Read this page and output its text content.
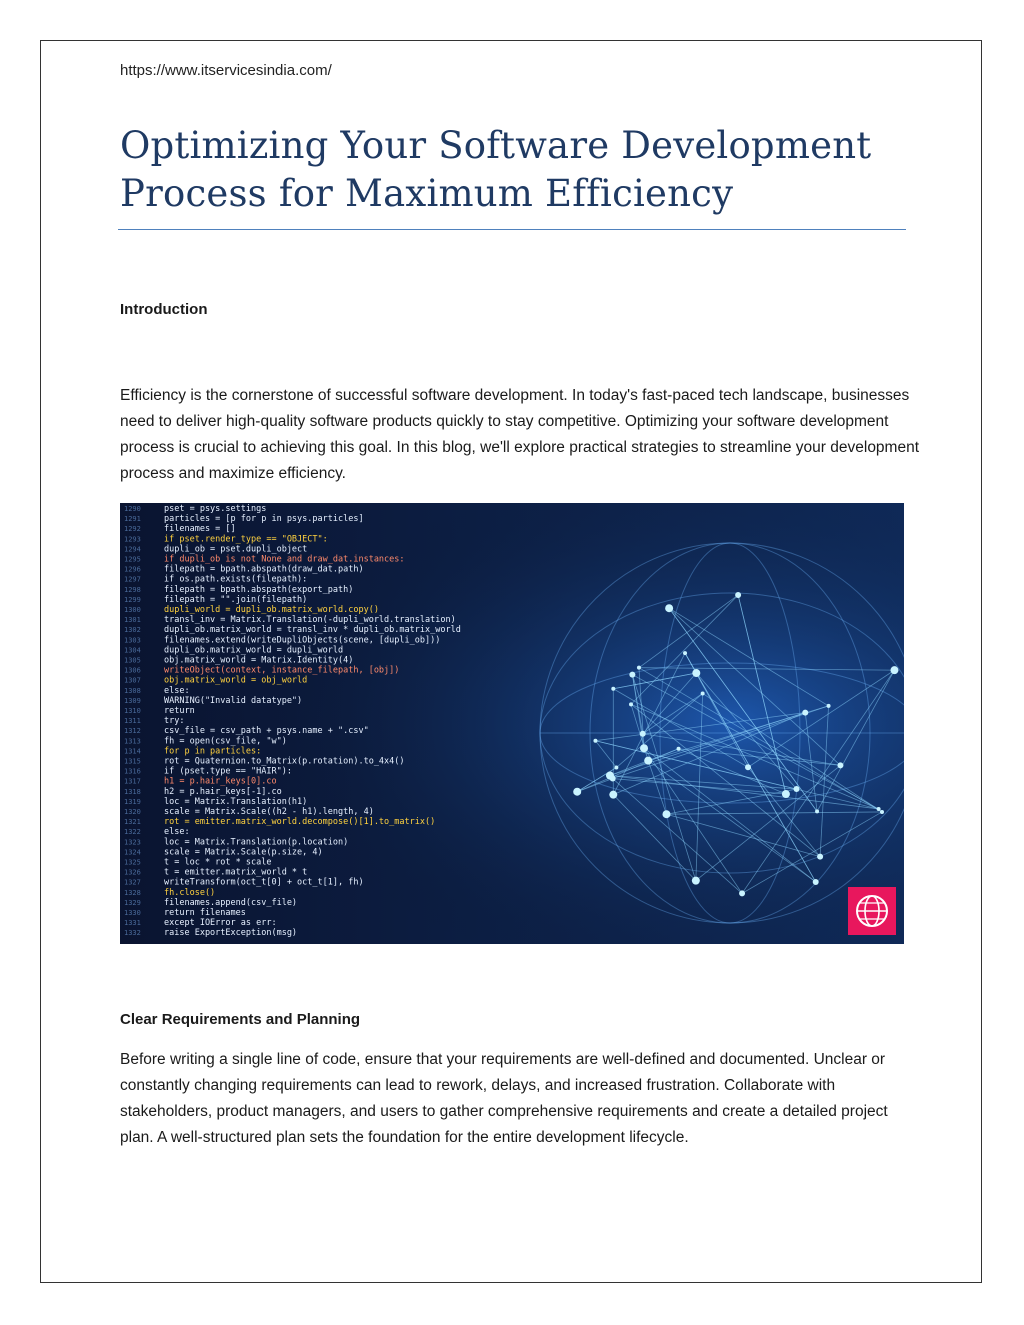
https://www.itservicesindia.com/
Optimizing Your Software Development Process for Maximum Efficiency
Introduction

Efficiency is the cornerstone of successful software development. In today's fast-paced tech landscape, businesses need to deliver high-quality software products quickly to stay competitive. Optimizing your software development process is crucial to achieving this goal. In this blog, we'll explore practical strategies to streamline your development process and maximize efficiency.

1290
1291
1292
1293
1294
1295
1296
1297
1298
1299
1300
1301
1302
1303
1304
1305
1306
1307
1308
1309
1310
1311
1312
1313
1314
1315
1316
1317
1318
1319
1320
1321
1322
1323
1324
1325
1326
1327
1328
1329
1330
1331
1332
pset = psys.settings
particles = [p for p in psys.particles]
filenames = []
if pset.render_type == "OBJECT":
dupli_ob = pset.dupli_object
if dupli_ob is not None and draw_dat.instances:
filepath = bpath.abspath(draw_dat.path)
if os.path.exists(filepath):
filepath = bpath.abspath(export_path)
filepath = "".join(filepath)
dupli_world = dupli_ob.matrix_world.copy()
transl_inv = Matrix.Translation(-dupli_world.translation)
dupli_ob.matrix_world = transl_inv * dupli_ob.matrix_world
filenames.extend(writeDupliObjects(scene, [dupli_ob]))
dupli_ob.matrix_world = dupli_world
obj.matrix_world = Matrix.Identity(4)
writeObject(context, instance_filepath, [obj])
obj.matrix_world = obj_world
else:
WARNING("Invalid datatype")
return
try:
csv_file = csv_path + psys.name + ".csv"
fh = open(csv_file, "w")
for p in particles:
rot = Quaternion.to_Matrix(p.rotation).to_4x4()
if (pset.type == "HAIR"):
h1 = p.hair_keys[0].co
h2 = p.hair_keys[-1].co
loc = Matrix.Translation(h1)
scale = Matrix.Scale((h2 - h1).length, 4)
rot = emitter.matrix_world.decompose()[1].to_matrix()
else:
loc = Matrix.Translation(p.location)
scale = Matrix.Scale(p.size, 4)
t = loc * rot * scale
t = emitter.matrix_world * t
writeTransform(oct_t[0] + oct_t[1], fh)
fh.close()
filenames.append(csv_file)
return filenames
except IOError as err:
raise ExportException(msg)
Clear Requirements and Planning

Before writing a single line of code, ensure that your requirements are well-defined and documented. Unclear or constantly changing requirements can lead to rework, delays, and increased frustration. Collaborate with stakeholders, product managers, and users to gather comprehensive requirements and create a detailed project plan. A well-structured plan sets the foundation for the entire development lifecycle.
